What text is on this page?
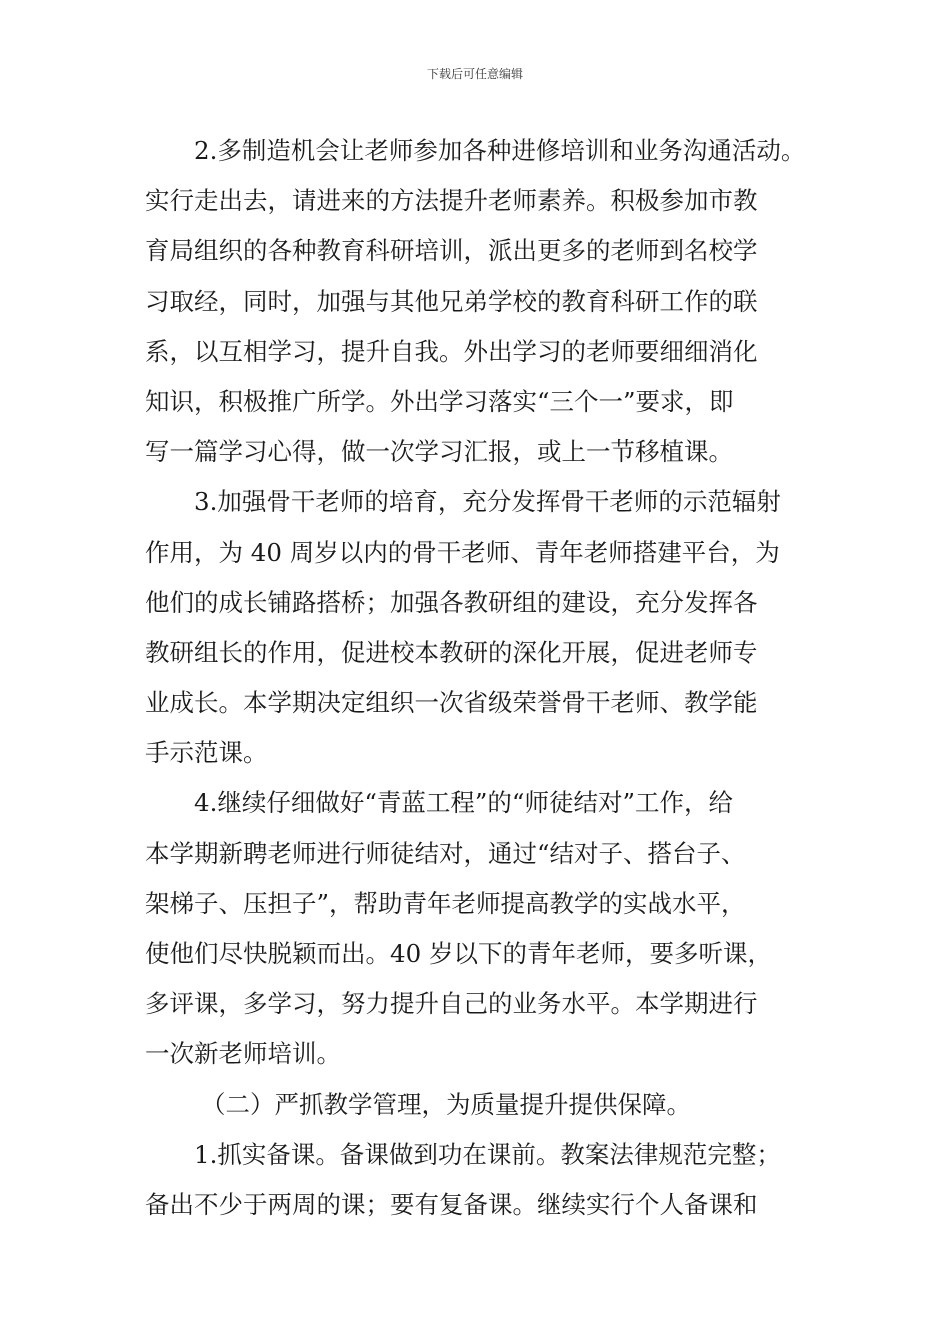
下载后可任意编辑
2.多制造机会让老师参加各种进修培训和业务沟通活动。
实行走出去，请进来的方法提升老师素养。积极参加市教
育局组织的各种教育科研培训，派出更多的老师到名校学
习取经，同时，加强与其他兄弟学校的教育科研工作的联
系，以互相学习，提升自我。外出学习的老师要细细消化
知识，积极推广所学。外出学习落实“三个一”要求，即
写一篇学习心得，做一次学习汇报，或上一节移植课。
3.加强骨干老师的培育，充分发挥骨干老师的示范辐射
作用，为 40 周岁以内的骨干老师、青年老师搭建平台，为
他们的成长铺路搭桥；加强各教研组的建设，充分发挥各
教研组长的作用，促进校本教研的深化开展，促进老师专
业成长。本学期决定组织一次省级荣誉骨干老师、教学能
手示范课。
4.继续仔细做好“青蓝工程”的“师徒结对”工作，给
本学期新聘老师进行师徒结对，通过“结对子、搭台子、
架梯子、压担子”，帮助青年老师提高教学的实战水平，
使他们尽快脱颖而出。40 岁以下的青年老师，要多听课，
多评课，多学习，努力提升自己的业务水平。本学期进行
一次新老师培训。
（二）严抓教学管理，为质量提升提供保障。
1.抓实备课。备课做到功在课前。教案法律规范完整；
备出不少于两周的课；要有复备课。继续实行个人备课和
